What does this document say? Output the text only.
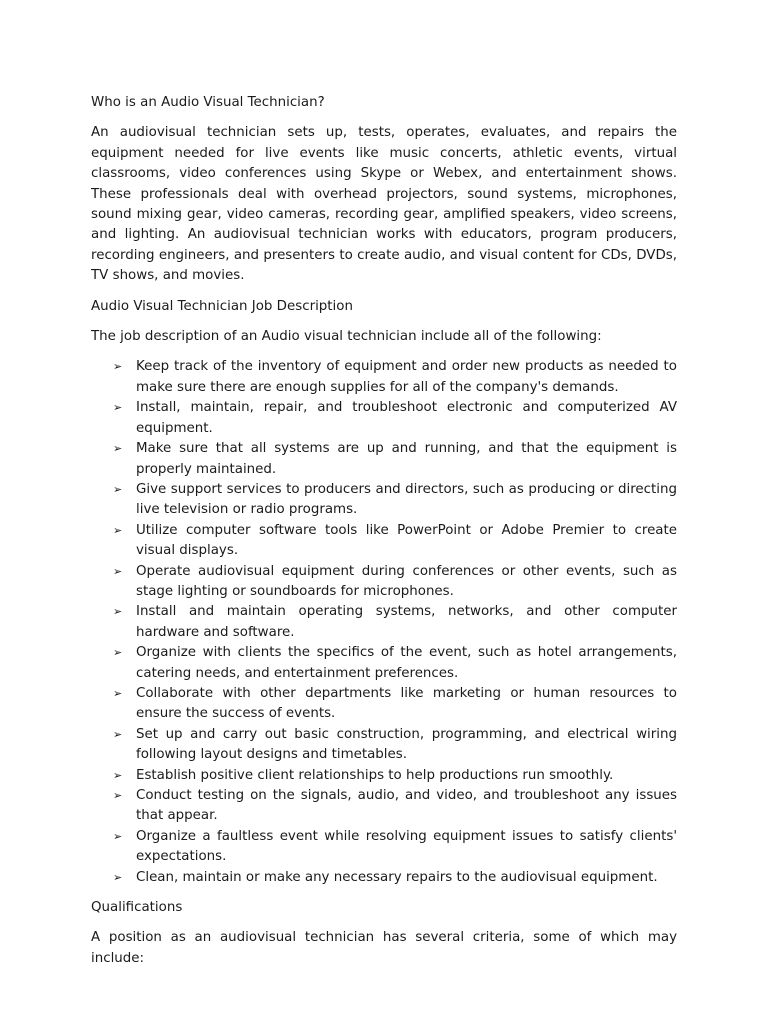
Who is an Audio Visual Technician?
An audiovisual technician sets up, tests, operates, evaluates, and repairs the equipment needed for live events like music concerts, athletic events, virtual classrooms, video conferences using Skype or Webex, and entertainment shows. These professionals deal with overhead projectors, sound systems, microphones, sound mixing gear, video cameras, recording gear, amplified speakers, video screens, and lighting. An audiovisual technician works with educators, program producers, recording engineers, and presenters to create audio, and visual content for CDs, DVDs, TV shows, and movies.
Audio Visual Technician Job Description
The job description of an Audio visual technician include all of the following:
➢ Keep track of the inventory of equipment and order new products as needed to make sure there are enough supplies for all of the company's demands.
➢ Install, maintain, repair, and troubleshoot electronic and computerized AV equipment.
➢ Make sure that all systems are up and running, and that the equipment is properly maintained.
➢ Give support services to producers and directors, such as producing or directing live television or radio programs.
➢ Utilize computer software tools like PowerPoint or Adobe Premier to create visual displays.
➢ Operate audiovisual equipment during conferences or other events, such as stage lighting or soundboards for microphones.
➢ Install and maintain operating systems, networks, and other computer hardware and software.
➢ Organize with clients the specifics of the event, such as hotel arrangements, catering needs, and entertainment preferences.
➢ Collaborate with other departments like marketing or human resources to ensure the success of events.
➢ Set up and carry out basic construction, programming, and electrical wiring following layout designs and timetables.
➢ Establish positive client relationships to help productions run smoothly.
➢ Conduct testing on the signals, audio, and video, and troubleshoot any issues that appear.
➢ Organize a faultless event while resolving equipment issues to satisfy clients' expectations.
➢ Clean, maintain or make any necessary repairs to the audiovisual equipment.
Qualifications
A position as an audiovisual technician has several criteria, some of which may include:
